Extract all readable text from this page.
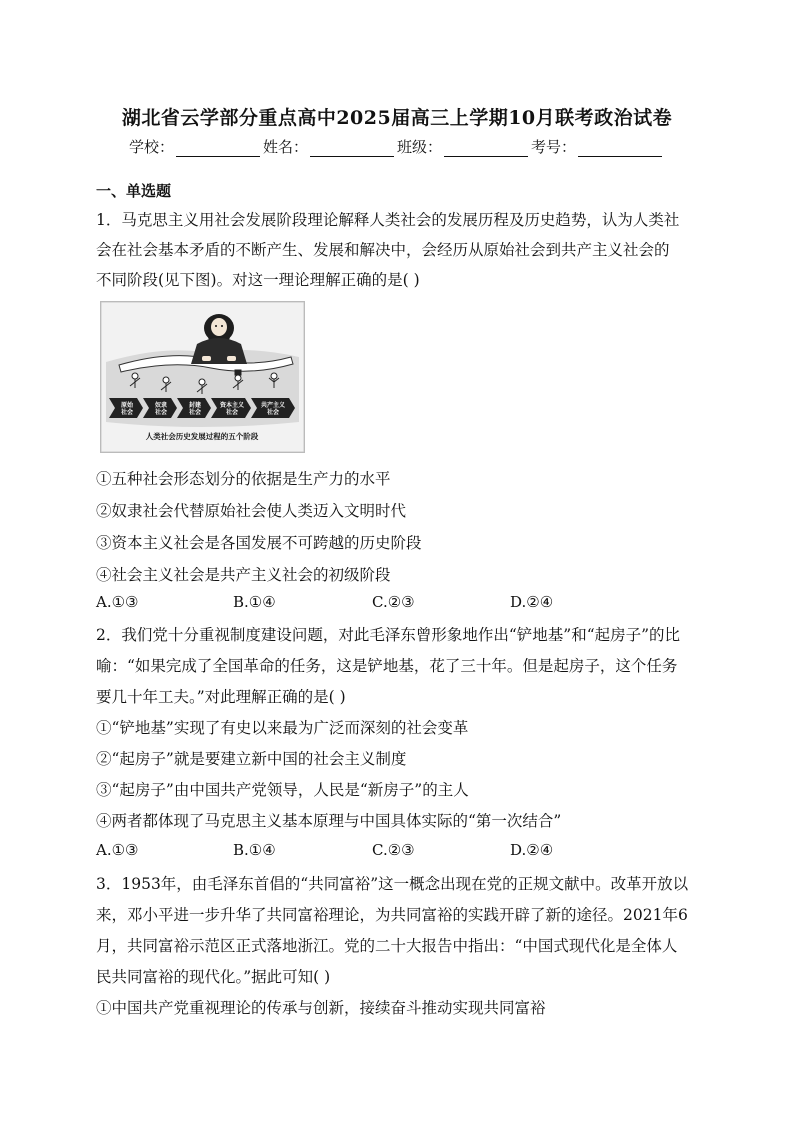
湖北省云学部分重点高中2025届高三上学期10月联考政治试卷
学校：	姓名：	班级：	考号：
一、单选题
1．马克思主义用社会发展阶段理论解释人类社会的发展历程及历史趋势，认为人类社
会在社会基本矛盾的不断产生、发展和解决中，会经历从原始社会到共产主义社会的
不同阶段(见下图)。对这一理论理解正确的是( )
原始
社会
奴隶
社会
封建
社会
资本主义
社会
共产主义
社会
人类社会历史发展过程的五个阶段
①五种社会形态划分的依据是生产力的水平
②奴隶社会代替原始社会使人类迈入文明时代
③资本主义社会是各国发展不可跨越的历史阶段
④社会主义社会是共产主义社会的初级阶段
A.①③	B.①④	C.②③	D.②④
2．我们党十分重视制度建设问题，对此毛泽东曾形象地作出“铲地基”和“起房子”的比
喻：“如果完成了全国革命的任务，这是铲地基，花了三十年。但是起房子，这个任务
要几十年工夫。”对此理解正确的是( )
①“铲地基”实现了有史以来最为广泛而深刻的社会变革
②“起房子”就是要建立新中国的社会主义制度
③“起房子”由中国共产党领导，人民是“新房子”的主人
④两者都体现了马克思主义基本原理与中国具体实际的“第一次结合”
A.①③	B.①④	C.②③	D.②④
3．1953年，由毛泽东首倡的“共同富裕”这一概念出现在党的正规文献中。改革开放以
来，邓小平进一步升华了共同富裕理论，为共同富裕的实践开辟了新的途径。2021年6
月，共同富裕示范区正式落地浙江。党的二十大报告中指出：“中国式现代化是全体人
民共同富裕的现代化。”据此可知( )
①中国共产党重视理论的传承与创新，接续奋斗推动实现共同富裕
